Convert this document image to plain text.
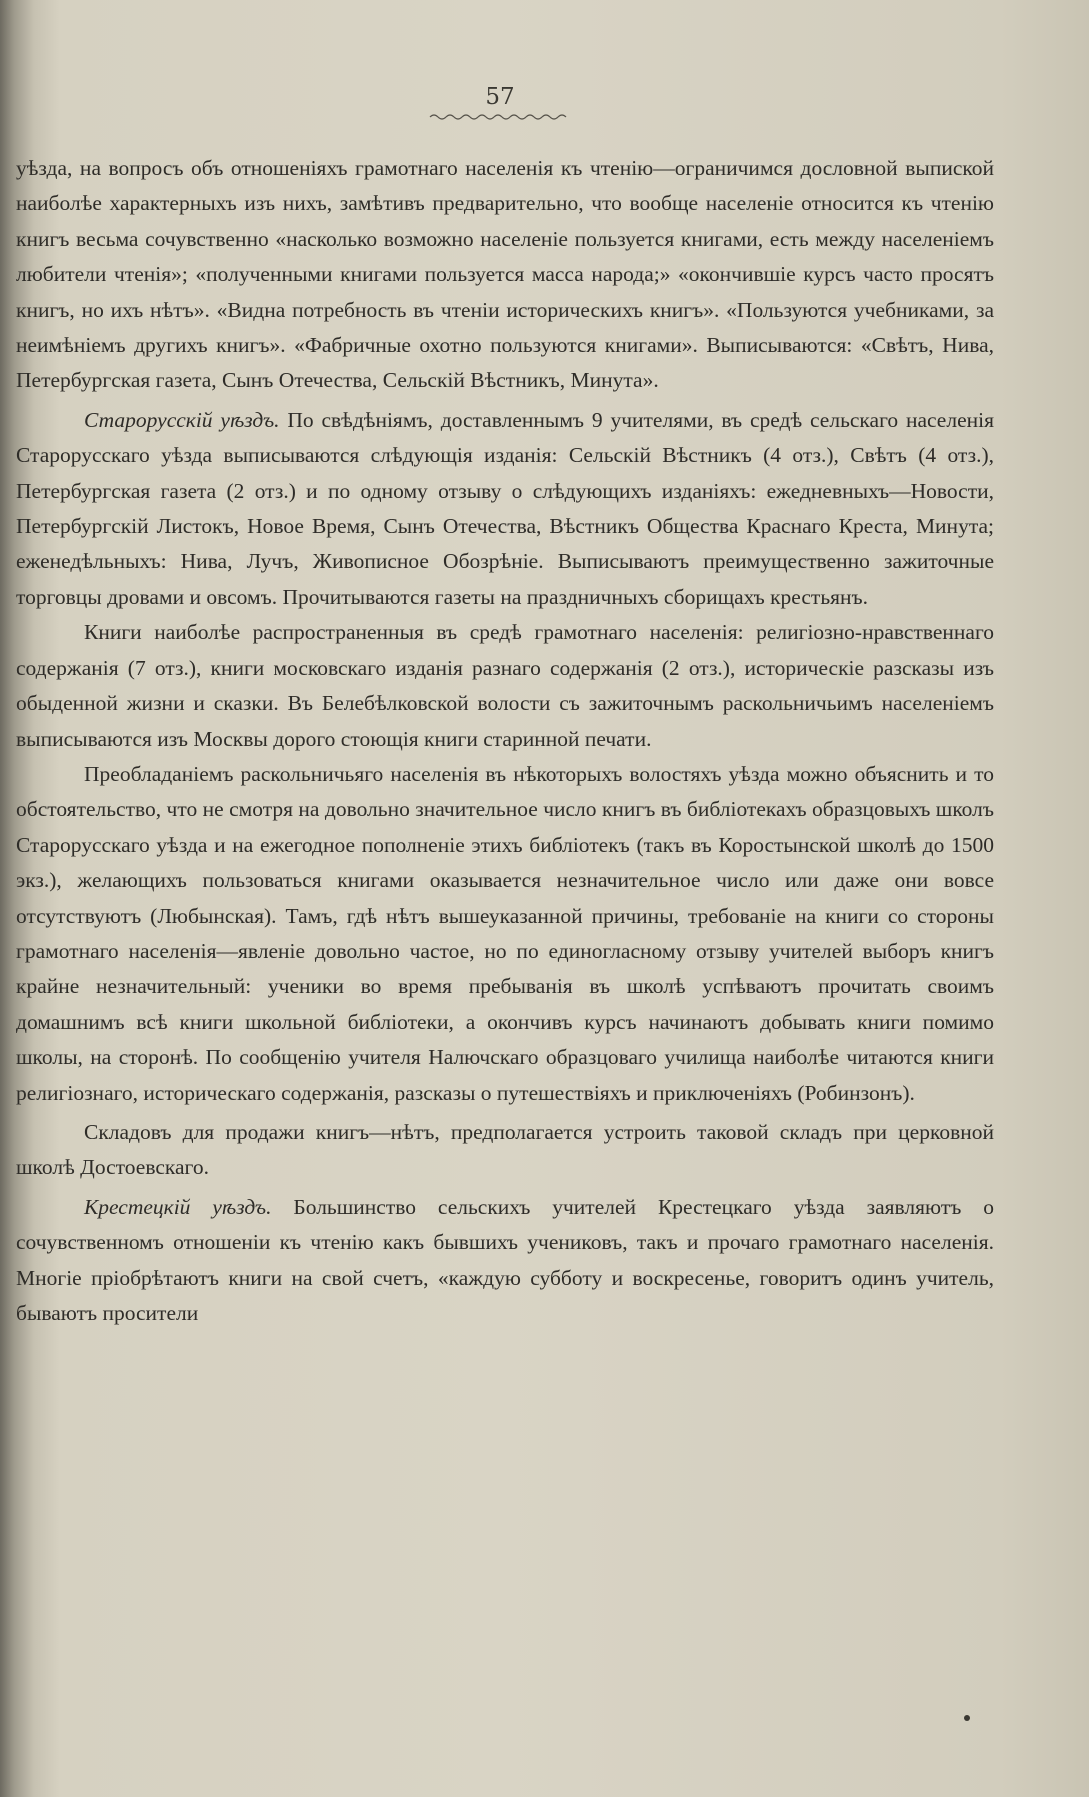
57

уѣзда, на вопросъ объ отношеніяхъ грамотнаго населенія къ чтенію—ограничимся дословной выпиской наиболѣе характерныхъ изъ нихъ, замѣтивъ предварительно, что вообще населеніе относится къ чтенію книгъ весьма сочувственно «насколько возможно населеніе пользуется книгами, есть между населеніемъ любители чтенія»; «полученными книгами пользуется масса народа;» «окончившіе курсъ часто просятъ книгъ, но ихъ нѣтъ». «Видна потребность въ чтеніи историческихъ книгъ». «Пользуются учебниками, за неимѣніемъ другихъ книгъ». «Фабричные охотно пользуются книгами». Выписываются: «Свѣтъ, Нива, Петербургская газета, Сынъ Отечества, Сельскій Вѣстникъ, Минута».

Старорусскій уѣздъ. По свѣдѣніямъ, доставленнымъ 9 учителями, въ средѣ сельскаго населенія Старорусскаго уѣзда выписываются слѣдующія изданія: Сельскій Вѣстникъ (4 отз.), Свѣтъ (4 отз.), Петербургская газета (2 отз.) и по одному отзыву о слѣдующихъ изданіяхъ: ежедневныхъ—Новости, Петербургскій Листокъ, Новое Время, Сынъ Отечества, Вѣстникъ Общества Краснаго Креста, Минута; еженедѣльныхъ: Нива, Лучъ, Живописное Обозрѣніе. Выписываютъ преимущественно зажиточные торговцы дровами и овсомъ. Прочитываются газеты на праздничныхъ сборищахъ крестьянъ.

Книги наиболѣе распространенныя въ средѣ грамотнаго населенія: религіозно-нравственнаго содержанія (7 отз.), книги московскаго изданія разнаго содержанія (2 отз.), историческіе разсказы изъ обыденной жизни и сказки. Въ Белебѣлковской волости съ зажиточнымъ раскольничьимъ населеніемъ выписываются изъ Москвы дорого стоющія книги старинной печати.

Преобладаніемъ раскольничьяго населенія въ нѣкоторыхъ волостяхъ уѣзда можно объяснить и то обстоятельство, что не смотря на довольно значительное число книгъ въ библіотекахъ образцовыхъ школъ Старорусскаго уѣзда и на ежегодное пополненіе этихъ библіотекъ (такъ въ Коростынской школѣ до 1500 экз.), желающихъ пользоваться книгами оказывается незначительное число или даже они вовсе отсутствуютъ (Любынская). Тамъ, гдѣ нѣтъ вышеуказанной причины, требованіе на книги со стороны грамотнаго населенія—явленіе довольно частое, но по единогласному отзыву учителей выборъ книгъ крайне незначительный: ученики во время пребыванія въ школѣ успѣваютъ прочитать своимъ домашнимъ всѣ книги школьной библіотеки, а окончивъ курсъ начинаютъ добывать книги помимо школы, на сторонѣ. По сообщенію учителя Налючскаго образцоваго училища наиболѣе читаются книги религіознаго, историческаго содержанія, разсказы о путешествіяхъ и приключеніяхъ (Робинзонъ).

Складовъ для продажи книгъ—нѣтъ, предполагается устроить таковой складъ при церковной школѣ Достоевскаго.

Крестецкій уѣздъ. Большинство сельскихъ учителей Крестецкаго уѣзда заявляютъ о сочувственномъ отношеніи къ чтенію какъ бывшихъ учениковъ, такъ и прочаго грамотнаго населенія. Многіе пріобрѣтаютъ книги на свой счетъ, «каждую субботу и воскресенье, говоритъ одинъ учитель, бываютъ просители
